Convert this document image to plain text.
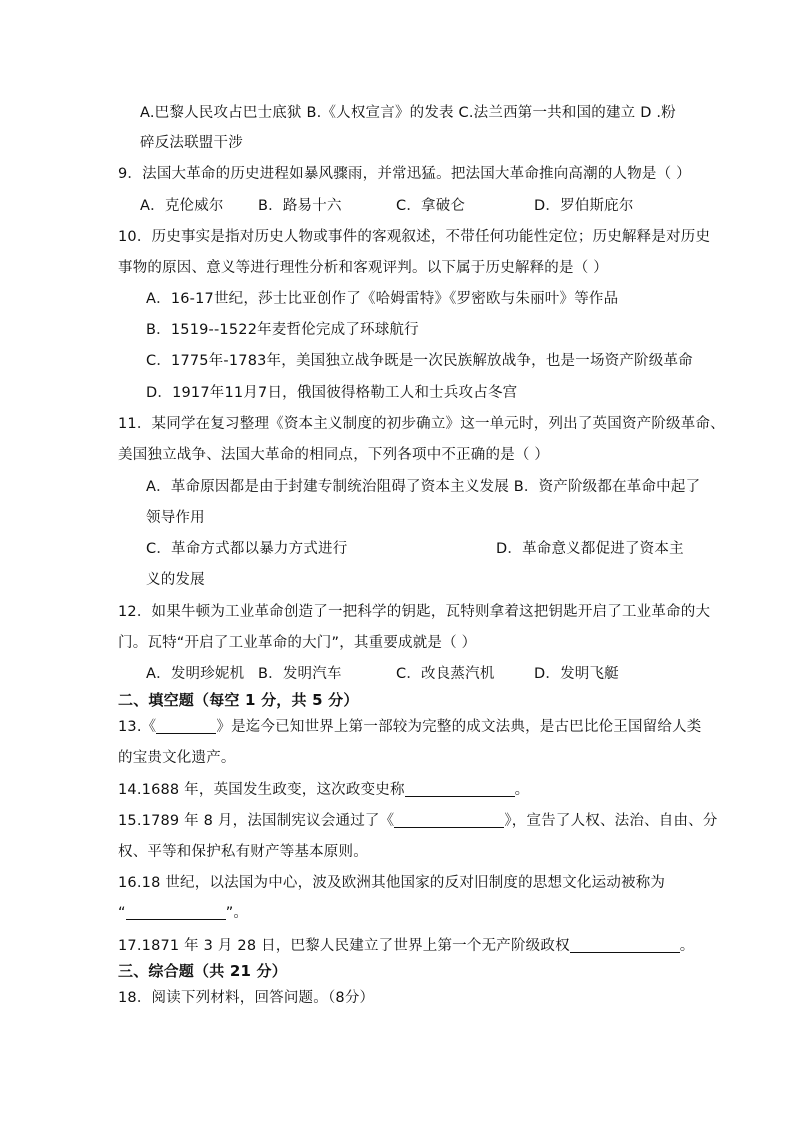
A.巴黎人民攻占巴士底狱 B.《人权宣言》的发表 C.法兰西第一共和国的建立 D .粉
碎反法联盟干涉
9．法国大革命的历史进程如暴风骤雨，并常迅猛。把法国大革命推向高潮的人物是（ ）
A．克伦威尔 B．路易十六	C．拿破仑	D．罗伯斯庇尔
10．历史事实是指对历史人物或事件的客观叙述，不带任何功能性定位；历史解释是对历史
事物的原因、意义等进行理性分析和客观评判。以下属于历史解释的是（ ）
A．16-17世纪，莎士比亚创作了《哈姆雷特》《罗密欧与朱丽叶》等作品
B．1519--1522年麦哲伦完成了环球航行
C．1775年-1783年，美国独立战争既是一次民族解放战争，也是一场资产阶级革命
D．1917年11月7日，俄国彼得格勒工人和士兵攻占冬宫
11．某同学在复习整理《资本主义制度的初步确立》这一单元时，列出了英国资产阶级革命、
美国独立战争、法国大革命的相同点，下列各项中不正确的是（ ）
A．革命原因都是由于封建专制统治阻碍了资本主义发展 B．资产阶级都在革命中起了
领导作用
C．革命方式都以暴力方式进行	D．革命意义都促进了资本主
义的发展
12．如果牛顿为工业革命创造了一把科学的钥匙，瓦特则拿着这把钥匙开启了工业革命的大
门。瓦特“开启了工业革命的大门”，其重要成就是（ ）
A．发明珍妮机 B．发明汽车	C．改良蒸汽机	D．发明飞艇
二、填空题（每空 1 分，共 5 分）
13.《	》是迄今已知世界上第一部较为完整的成文法典，是古巴比伦王国留给人类
的宝贵文化遗产。
14.1688 年，英国发生政变，这次政变史称	。
15.1789 年 8 月，法国制宪议会通过了《	》，宣告了人权、法治、自由、分
权、平等和保护私有财产等基本原则。
16.18 世纪，以法国为中心，波及欧洲其他国家的反对旧制度的思想文化运动被称为
“	”。
17.1871 年 3 月 28 日，巴黎人民建立了世界上第一个无产阶级政权	。
三、综合题（共 21 分）
18．阅读下列材料，回答问题。（8分）
